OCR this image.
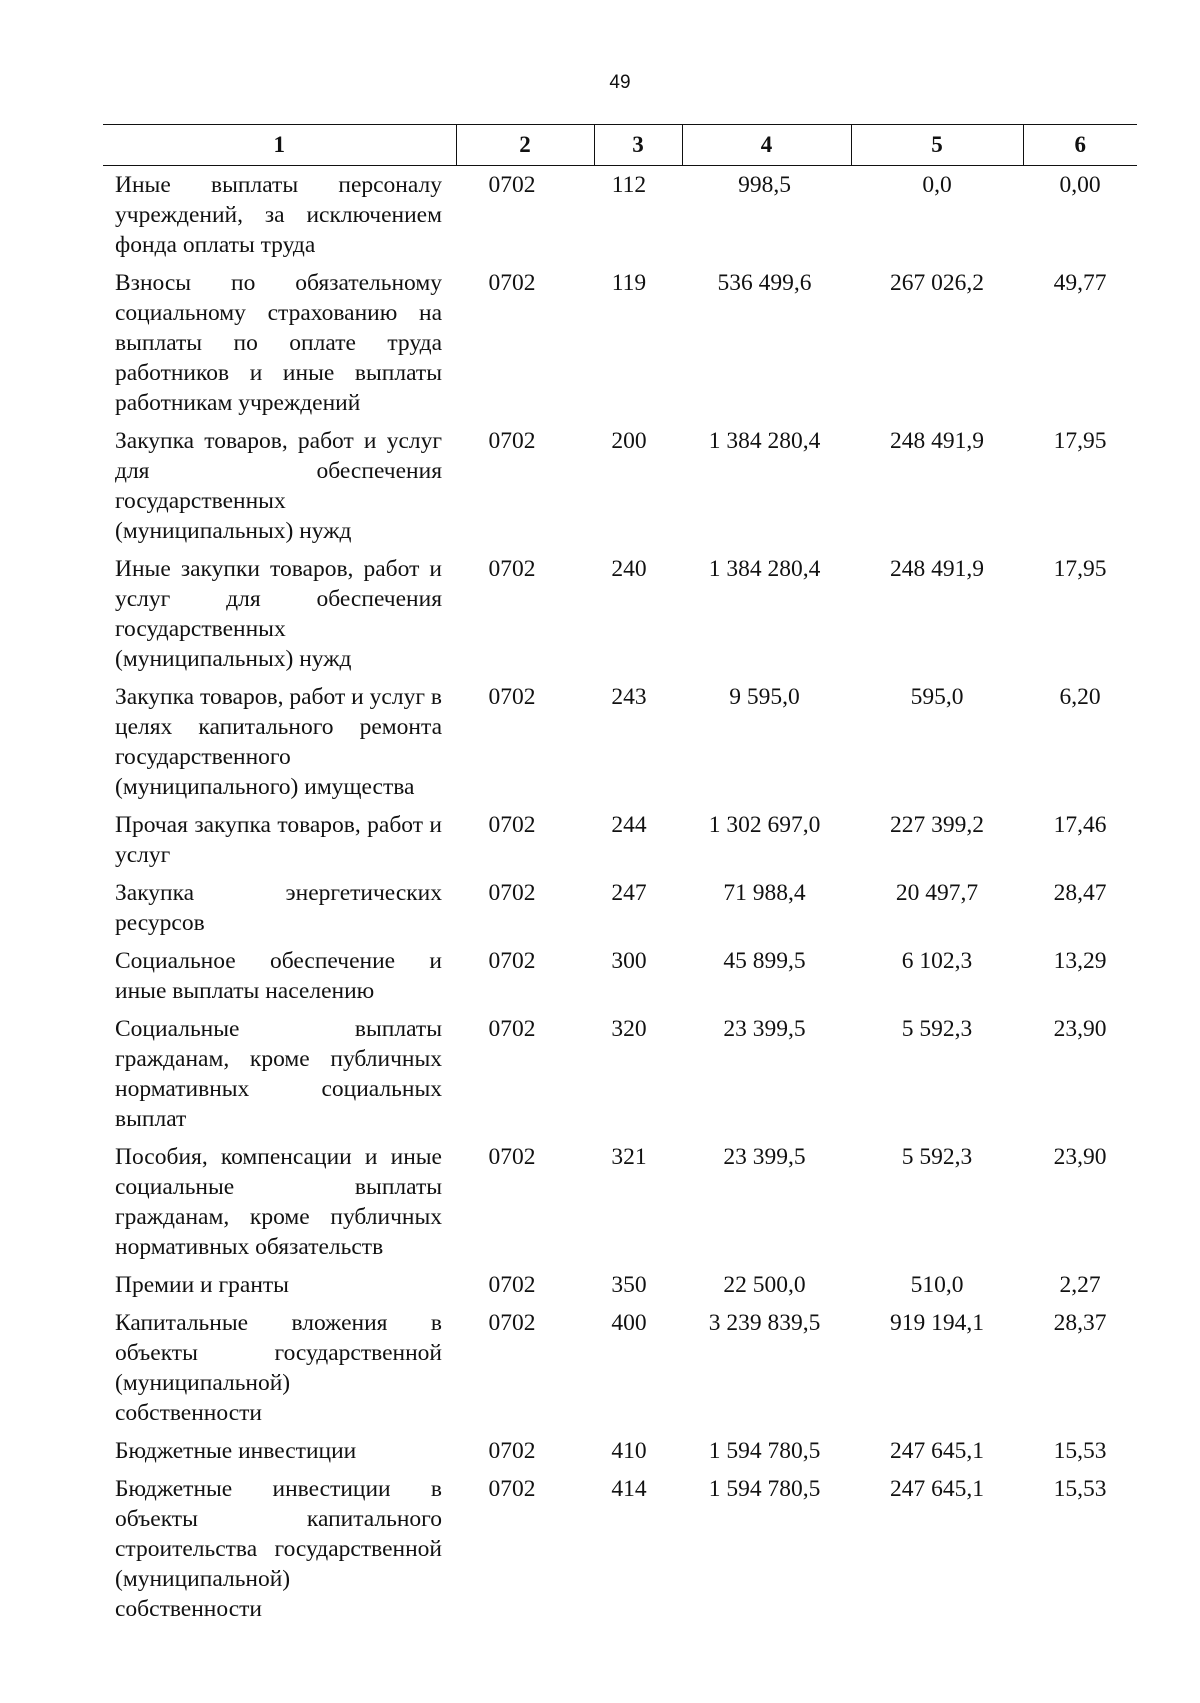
49
1	2	3	4	5	6
Иные выплаты персоналу учреждений, за исключением фонда оплаты труда	0702	112	998,5	0,0	0,00
Взносы по обязательному социальному страхованию на выплаты по оплате труда работников и иные выплаты работникам учреждений	0702	119	536 499,6	267 026,2	49,77
Закупка товаров, работ и услуг для обеспечения государственных (муниципальных) нужд	0702	200	1 384 280,4	248 491,9	17,95
Иные закупки товаров, работ и услуг для обеспечения государственных (муниципальных) нужд	0702	240	1 384 280,4	248 491,9	17,95
Закупка товаров, работ и услуг в целях капитального ремонта государственного (муниципального) имущества	0702	243	9 595,0	595,0	6,20
Прочая закупка товаров, работ и услуг	0702	244	1 302 697,0	227 399,2	17,46
Закупка энергетических ресурсов	0702	247	71 988,4	20 497,7	28,47
Социальное обеспечение и иные выплаты населению	0702	300	45 899,5	6 102,3	13,29
Социальные выплаты гражданам, кроме публичных нормативных социальных выплат	0702	320	23 399,5	5 592,3	23,90
Пособия, компенсации и иные социальные выплаты гражданам, кроме публичных нормативных обязательств	0702	321	23 399,5	5 592,3	23,90
Премии и гранты	0702	350	22 500,0	510,0	2,27
Капитальные вложения в объекты государственной (муниципальной) собственности	0702	400	3 239 839,5	919 194,1	28,37
Бюджетные инвестиции	0702	410	1 594 780,5	247 645,1	15,53
Бюджетные инвестиции в объекты капитального строительства государственной (муниципальной) собственности	0702	414	1 594 780,5	247 645,1	15,53
